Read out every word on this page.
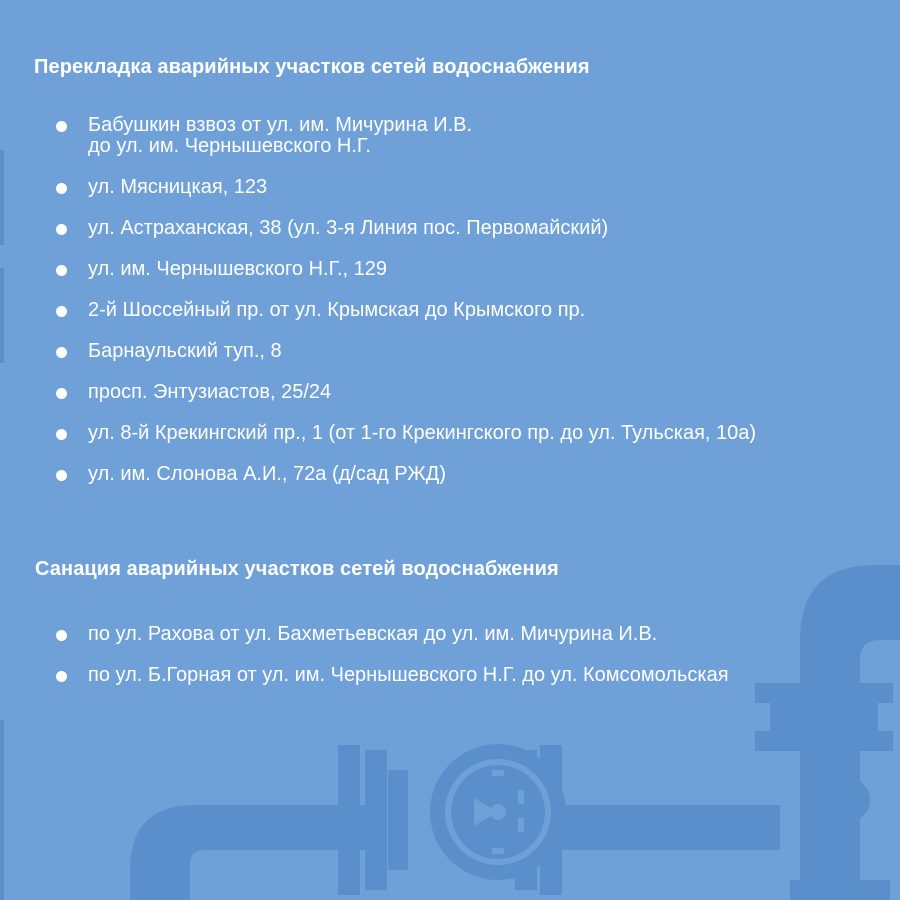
Перекладка аварийных участков сетей водоснабжения
Бабушкин взвоз от ул. им. Мичурина И.В.
до ул. им. Чернышевского Н.Г.
ул. Мясницкая, 123
ул. Астраханская, 38 (ул. 3-я Линия пос. Первомайский)
ул. им. Чернышевского Н.Г., 129
2-й Шоссейный пр. от ул. Крымская до Крымского пр.
Барнаульский туп., 8
просп. Энтузиастов, 25/24
ул. 8-й Крекингский пр., 1 (от 1-го Крекингского пр. до ул. Тульская, 10а)
ул. им. Слонова А.И., 72а (д/сад РЖД)
Санация аварийных участков сетей водоснабжения
по ул. Рахова от ул. Бахметьевская до ул. им. Мичурина И.В.
по ул. Б.Горная от ул. им. Чернышевского Н.Г. до ул. Комсомольская
